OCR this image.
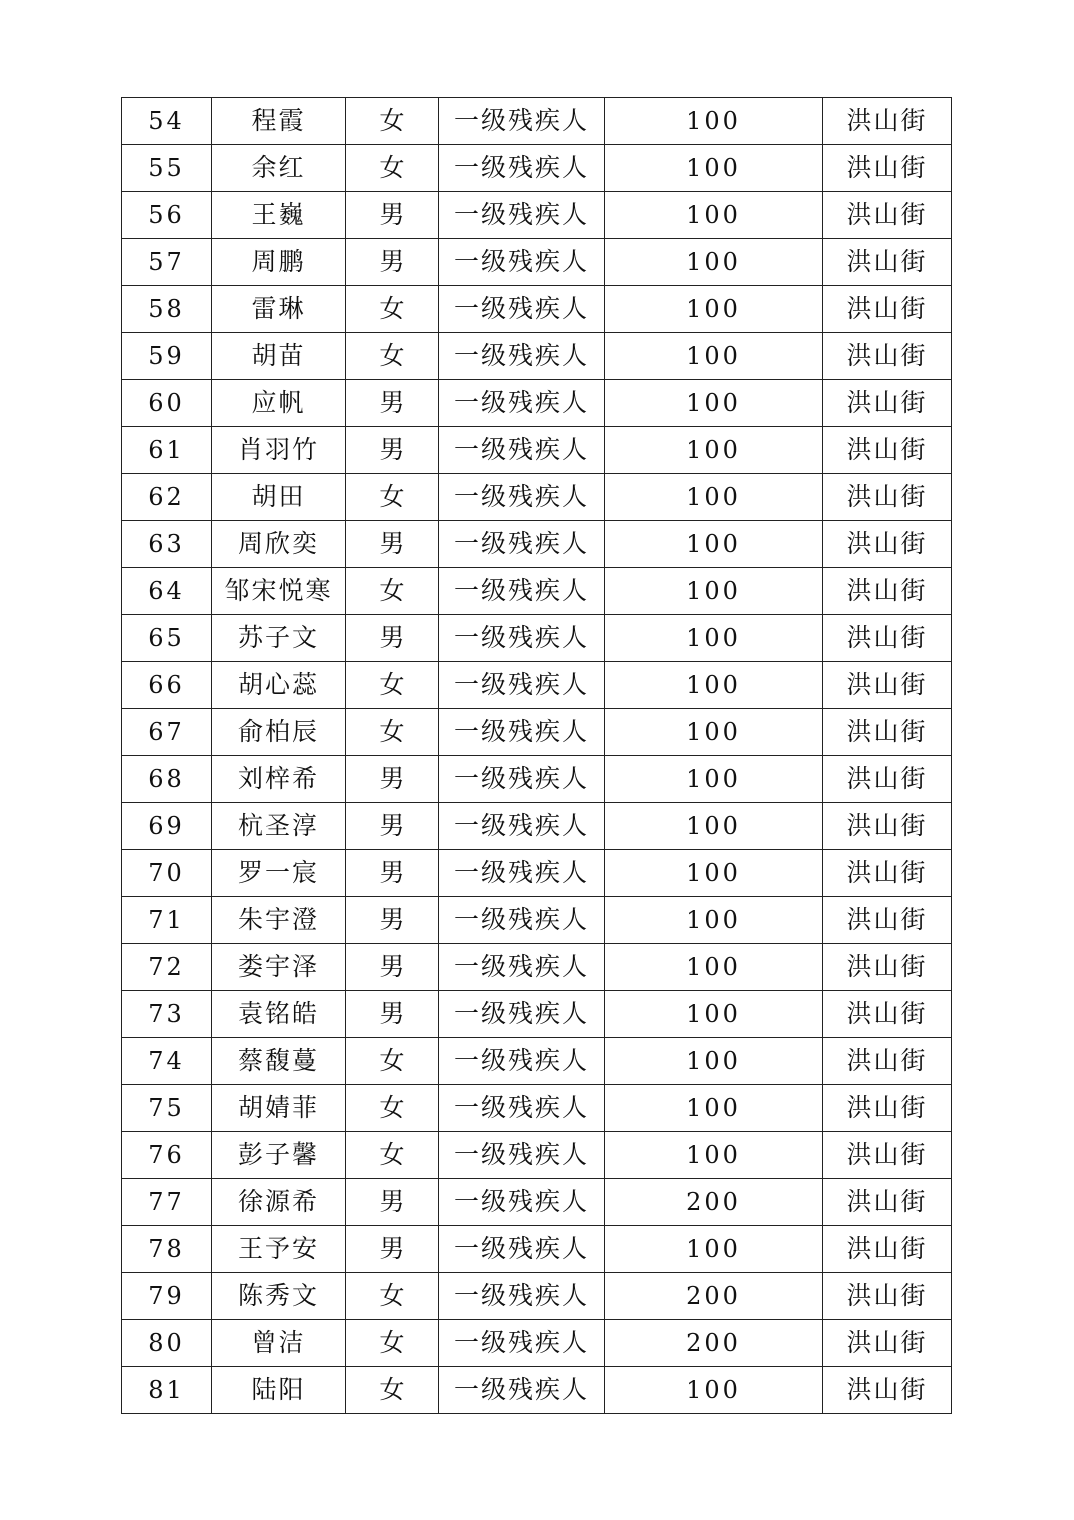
54	程霞	女	一级残疾人	100	洪山街
55	余红	女	一级残疾人	100	洪山街
56	王巍	男	一级残疾人	100	洪山街
57	周鹏	男	一级残疾人	100	洪山街
58	雷琳	女	一级残疾人	100	洪山街
59	胡苗	女	一级残疾人	100	洪山街
60	应帆	男	一级残疾人	100	洪山街
61	肖羽竹	男	一级残疾人	100	洪山街
62	胡田	女	一级残疾人	100	洪山街
63	周欣奕	男	一级残疾人	100	洪山街
64	邹宋悦寒	女	一级残疾人	100	洪山街
65	苏子文	男	一级残疾人	100	洪山街
66	胡心蕊	女	一级残疾人	100	洪山街
67	俞柏辰	女	一级残疾人	100	洪山街
68	刘梓希	男	一级残疾人	100	洪山街
69	杭圣淳	男	一级残疾人	100	洪山街
70	罗一宸	男	一级残疾人	100	洪山街
71	朱宇澄	男	一级残疾人	100	洪山街
72	娄宇泽	男	一级残疾人	100	洪山街
73	袁铭皓	男	一级残疾人	100	洪山街
74	蔡馥蔓	女	一级残疾人	100	洪山街
75	胡婧菲	女	一级残疾人	100	洪山街
76	彭子馨	女	一级残疾人	100	洪山街
77	徐源希	男	一级残疾人	200	洪山街
78	王予安	男	一级残疾人	100	洪山街
79	陈秀文	女	一级残疾人	200	洪山街
80	曾洁	女	一级残疾人	200	洪山街
81	陆阳	女	一级残疾人	100	洪山街
